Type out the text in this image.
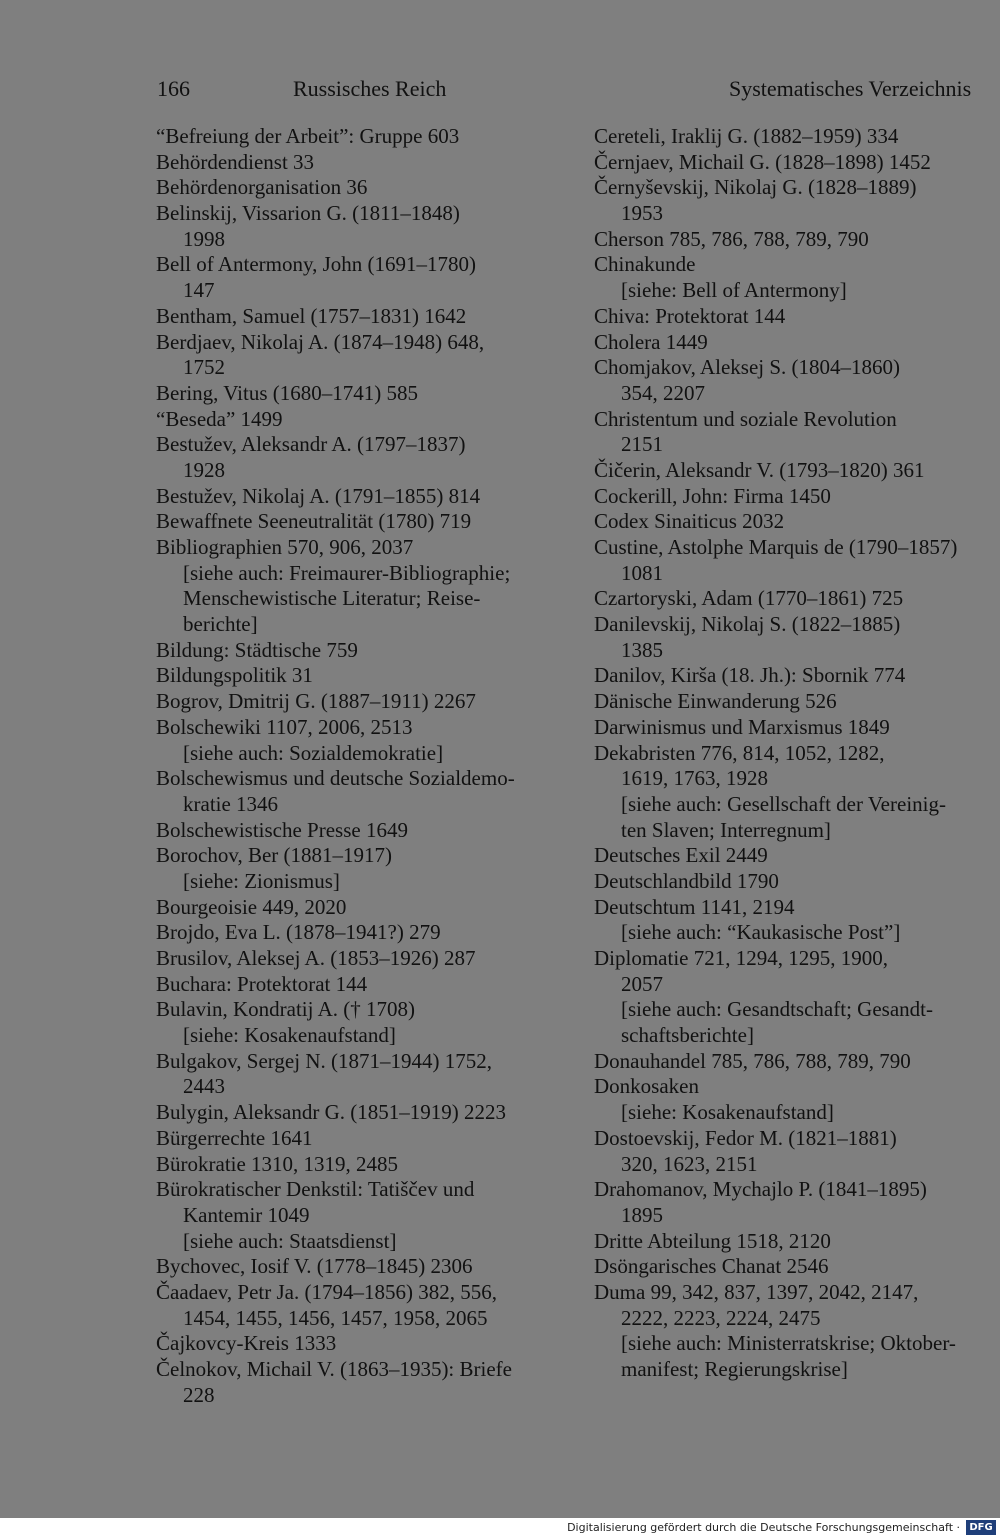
166	Russisches Reich	Systematisches Verzeichnis
“Befreiung der Arbeit”: Gruppe 603
Behördendienst 33
Behördenorganisation 36
Belinskij, Vissarion G. (1811–1848)
1998
Bell of Antermony, John (1691–1780)
147
Bentham, Samuel (1757–1831) 1642
Berdjaev, Nikolaj A. (1874–1948) 648,
1752
Bering, Vitus (1680–1741) 585
“Beseda” 1499
Bestužev, Aleksandr A. (1797–1837)
1928
Bestužev, Nikolaj A. (1791–1855) 814
Bewaffnete Seeneutralität (1780) 719
Bibliographien 570, 906, 2037
[siehe auch: Freimaurer-Bibliographie;
Menschewistische Literatur; Reise-
berichte]
Bildung: Städtische 759
Bildungspolitik 31
Bogrov, Dmitrij G. (1887–1911) 2267
Bolschewiki 1107, 2006, 2513
[siehe auch: Sozialdemokratie]
Bolschewismus und deutsche Sozialdemo-
kratie 1346
Bolschewistische Presse 1649
Borochov, Ber (1881–1917)
[siehe: Zionismus]
Bourgeoisie 449, 2020
Brojdo, Eva L. (1878–1941?) 279
Brusilov, Aleksej A. (1853–1926) 287
Buchara: Protektorat 144
Bulavin, Kondratij A. († 1708)
[siehe: Kosakenaufstand]
Bulgakov, Sergej N. (1871–1944) 1752,
2443
Bulygin, Aleksandr G. (1851–1919) 2223
Bürgerrechte 1641
Bürokratie 1310, 1319, 2485
Bürokratischer Denkstil: Tatiščev und
Kantemir 1049
[siehe auch: Staatsdienst]
Bychovec, Iosif V. (1778–1845) 2306
Čaadaev, Petr Ja. (1794–1856) 382, 556,
1454, 1455, 1456, 1457, 1958, 2065
Čajkovcy-Kreis 1333
Čelnokov, Michail V. (1863–1935): Briefe
228
Cereteli, Iraklij G. (1882–1959) 334
Černjaev, Michail G. (1828–1898) 1452
Černyševskij, Nikolaj G. (1828–1889)
1953
Cherson 785, 786, 788, 789, 790
Chinakunde
[siehe: Bell of Antermony]
Chiva: Protektorat 144
Cholera 1449
Chomjakov, Aleksej S. (1804–1860)
354, 2207
Christentum und soziale Revolution
2151
Čičerin, Aleksandr V. (1793–1820) 361
Cockerill, John: Firma 1450
Codex Sinaiticus 2032
Custine, Astolphe Marquis de (1790–1857)
1081
Czartoryski, Adam (1770–1861) 725
Danilevskij, Nikolaj S. (1822–1885)
1385
Danilov, Kirša (18. Jh.): Sbornik 774
Dänische Einwanderung 526
Darwinismus und Marxismus 1849
Dekabristen 776, 814, 1052, 1282,
1619, 1763, 1928
[siehe auch: Gesellschaft der Vereinig-
ten Slaven; Interregnum]
Deutsches Exil 2449
Deutschlandbild 1790
Deutschtum 1141, 2194
[siehe auch: “Kaukasische Post”]
Diplomatie 721, 1294, 1295, 1900,
2057
[siehe auch: Gesandtschaft; Gesandt-
schaftsberichte]
Donauhandel 785, 786, 788, 789, 790
Donkosaken
[siehe: Kosakenaufstand]
Dostoevskij, Fedor M. (1821–1881)
320, 1623, 2151
Drahomanov, Mychajlo P. (1841–1895)
1895
Dritte Abteilung 1518, 2120
Dsöngarisches Chanat 2546
Duma 99, 342, 837, 1397, 2042, 2147,
2222, 2223, 2224, 2475
[siehe auch: Ministerratskrise; Oktober-
manifest; Regierungskrise]
Digitalisierung gefördert durch die Deutsche Forschungsgemeinschaft · DFG
